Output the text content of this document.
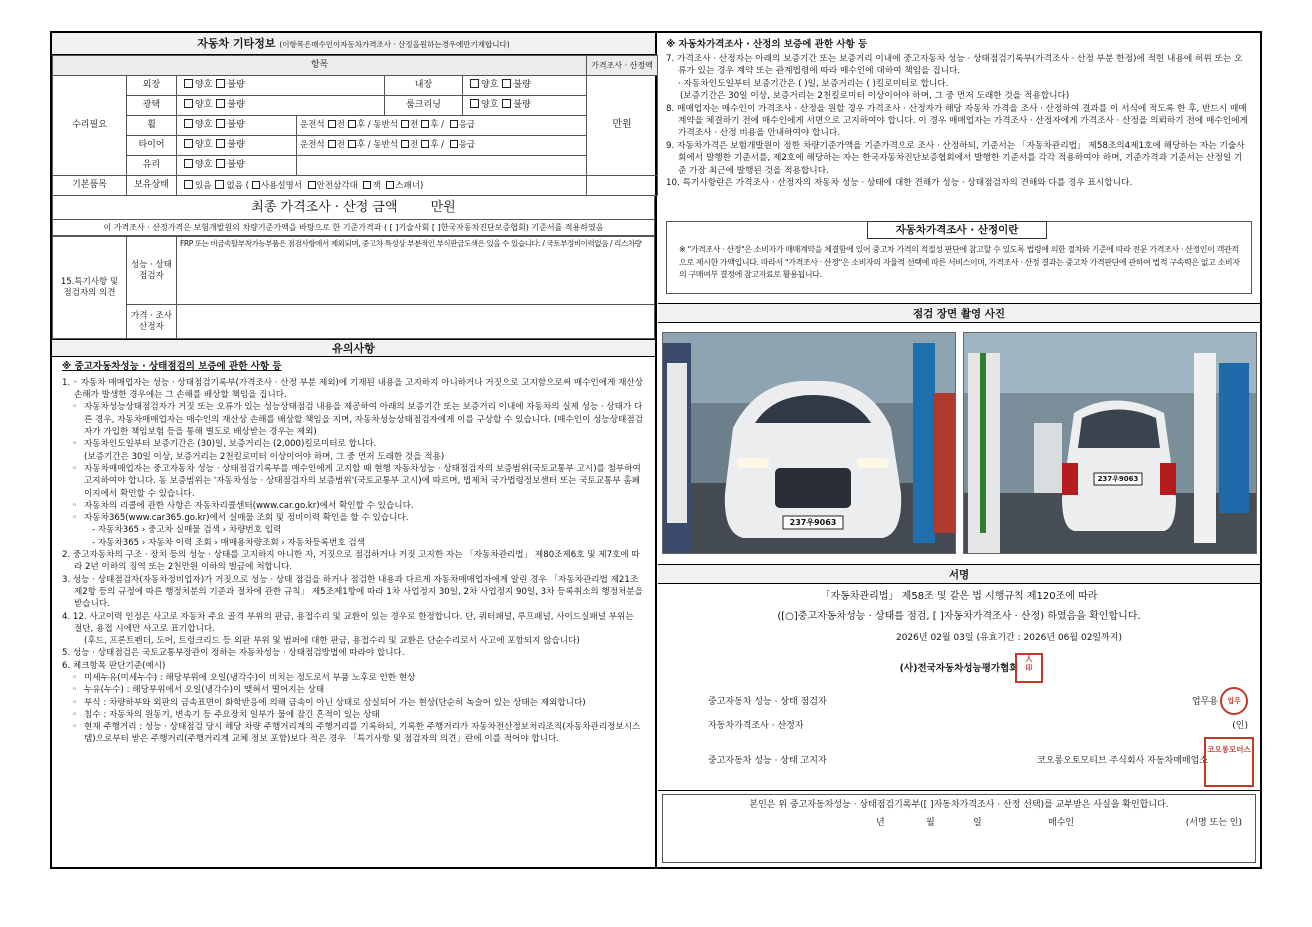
자동차 기타정보 (이항목은매수인이자동차가격조사 · 산정을원하는경우에만기재합니다)
항목						가격조사 · 산정액
수리필요	외장	양호 불량		내장	양호 불량	만원
	광택	양호 불량		룸크리닝	양호 불량	
	휠	양호 불량	운전석 전 후 / 동반석 전 후 / 응급			
	타이어	양호 불량	운전석 전 후 / 동반석 전 후 / 응급			
	유리	양호 불량				
기본품목	보유상태	있음 없음 ( 사용설명서 안전삼각대 잭 스패너)				
최종 가격조사 · 산정 금액	만원
이 가격조사 · 산정가격은 보험개발원의 차량기준가액을 바탕으로 한 기준가격과 ( [ ]기술사회 [ ]한국자동차진단보증협회) 기준서를 적용하였음
15.특기사항 및 점검자의 의견	성능 · 상태 점검자	FRP 또는 비금속탈부착가능부품은 점검사항에서 제외되며, 중고차 특성상 부분적인 부식판금도색은 있을 수 있습니다. / 국토부정비이력없음 / 리스차량
	가격 · 조사 산정자	
유의사항
※ 중고자동차성능 · 상태점검의 보증에 관한 사항 등
1. ◦ 자동차 매매업자는 성능 · 상태점검기록부(가격조사 · 산정 부분 제외)에 기재된 내용을 고지하지 아니하거나 거짓으로 고지함으로써 매수인에게 재산상 손해가 발생한 경우에는 그 손해를 배상할 책임을 집니다.
◦ 자동차성능상태점검자가 거짓 또는 오류가 있는 성능상태점검 내용을 제공하여 아래의 보증기간 또는 보증거리 이내에 자동차의 실제 성능 · 상태가 다른 경우, 자동차매매업자는 매수인의 재산상 손해를 배상할 책임을 지며, 자동차성능상태점검자에게 이를 구상할 수 있습니다. (매수인이 성능상태점검자가 가입한 책임보험 등을 통해 별도로 배상받는 경우는 제외)
◦ 자동차인도일부터 보증기간은 (30)일, 보증거리는 (2,000)킬로미터로 합니다.
(보증기간은 30일 이상, 보증거리는 2천킬로미터 이상이어야 하며, 그 중 먼저 도래한 것을 적용)
◦ 자동차매매업자는 중고자동차 성능 · 상태점검기록부를 매수인에게 고지할 때 현행 자동차성능 · 상태점검자의 보증범위(국토교통부 고시)를 첨부하여 고지하여야 합니다. 동 보증범위는 '자동차성능 · 상태점검자의 보증범위'(국토교통부 고시)에 따르며, 법제처 국가법령정보센터 또는 국토교통부 홈페이지에서 확인할 수 있습니다.
◦ 자동차의 리콜에 관한 사항은 자동차리콜센터(www.car.go.kr)에서 확인할 수 있습니다.
◦ 자동차365(www.car365.go.kr)에서 실매물 조회 및 정비이력 확인을 할 수 있습니다.
- 자동차365 › 중고차 실매물 검색 › 차량번호 입력
- 자동차365 › 자동차 이력 조회 › 매매용차량조회 › 자동차등록번호 검색
2. 중고자동차의 구조 · 장치 등의 성능 · 상태를 고지하지 아니한 자, 거짓으로 점검하거나 거짓 고지한 자는 「자동차관리법」 제80조제6호 및 제7호에 따라 2년 이하의 징역 또는 2천만원 이하의 벌금에 처합니다.
3. 성능 · 상태점검자(자동차정비업자)가 거짓으로 성능 · 상태 점검을 하거나 점검한 내용과 다르게 자동차매매업자에게 알린 경우 「자동차관리법 제21조제2항 등의 규정에 따른 행정처분의 기준과 절차에 관한 규칙」 제5조제1항에 따라 1차 사업정지 30일, 2차 사업정지 90일, 3차 등록취소의 행정처분을 받습니다.
4. 12. 사고이력 인정은 사고로 자동차 주요 골격 부위의 판금, 용접수리 및 교환이 있는 경우로 한정합니다. 단, 쿼터패널, 루프패널, 사이드실패널 부위는 절단, 용접 시에만 사고로 표기합니다.
(후드, 프론트펜더, 도어, 트렁크리드 등 외판 부위 및 범퍼에 대한 판금, 용접수리 및 교환은 단순수리로서 사고에 포함되지 않습니다)
5. 성능 · 상태점검은 국토교통부장관이 정하는 자동차성능 · 상태점검방법에 따라야 합니다.
6. 체크항목 판단기준(예시)
◦ 미세누유(미세누수) : 해당부위에 오일(냉각수)이 비치는 정도로서 부품 노후로 인한 현상
◦ 누유(누수) : 해당부위에서 오일(냉각수)이 맺혀서 떨어지는 상태
◦ 부식 : 차량하부와 외판의 금속표면이 화학반응에 의해 금속이 아닌 상태로 상실되어 가는 현상(단순히 녹슬어 있는 상태는 제외합니다)
◦ 침수 : 자동차의 원동기, 변속기 등 주요장치 일부가 물에 잠긴 흔적이 있는 상태
◦ 현재 주행거리 : 성능 · 상태점검 당시 해당 차량 주행거리계의 주행거리를 기록하되, 기록한 주행거리가 자동차전산정보처리조직(자동차관리정보시스템)으로부터 받은 주행거리(주행거리계 교체 정보 포함)보다 적은 경우 「특기사항 및 점검자의 의견」란에 이를 적어야 합니다.
※ 자동차가격조사 · 산정의 보증에 관한 사항 등
7. 가격조사 · 산정자는 아래의 보증기간 또는 보증거리 이내에 중고자동차 성능 · 상태점검기록부(가격조사 · 산정 부분 한정)에 적힌 내용에 허위 또는 오류가 있는 경우 계약 또는 관계법령에 따라 매수인에 대하여 책임을 집니다.
· 자동차인도일부터 보증기간은 ( )일, 보증거리는 ( )킬로미터로 합니다.
(보증기간은 30일 이상, 보증거리는 2천킬로미터 이상이어야 하며, 그 중 먼저 도래한 것을 적용합니다)
8. 매매업자는 매수인이 가격조사 · 산정을 원할 경우 가격조사 · 산정자가 해당 자동차 가격을 조사 · 산정하여 결과를 이 서식에 적도록 한 후, 반드시 매매계약을 체결하기 전에 매수인에게 서면으로 고지하여야 합니다. 이 경우 매매업자는 가격조사 · 산정자에게 가격조사 · 산정을 의뢰하기 전에 매수인에게 가격조사 · 산정 비용을 안내하여야 합니다.
9. 자동차가격은 보험개발원이 정한 차량기준가액을 기준가격으로 조사 · 산정하되, 기준서는 「자동차관리법」 제58조의4제1호에 해당하는 자는 기술사회에서 발행한 기준서를, 제2호에 해당하는 자는 한국자동차진단보증협회에서 발행한 기준서를 각각 적용하여야 하며, 기준가격과 기준서는 산정일 기준 가장 최근에 발행된 것을 적용합니다.
10. 특기사항란은 가격조사 · 산정자의 자동차 성능 · 상태에 대한 견해가 성능 · 상태점검자의 견해와 다를 경우 표시합니다.
자동차가격조사 · 산정이란
※ "가격조사 · 산정"은 소비자가 매매계약을 체결함에 있어 중고차 가격의 적절성 판단에 참고할 수 있도록 법령에 의한 절차와 기준에 따라 전문 가격조사 · 산정인이 객관적으로 제시한 가액입니다. 따라서 "가격조사 · 산정"은 소비자의 자율적 선택에 따른 서비스이며, 가격조사 · 산정 결과는 중고차 가격판단에 관하여 법적 구속력은 없고 소비자의 구매여부 결정에 참고자료로 활용됩니다.
점검 장면 촬영 사진
237우9063
237우9063
서명
「자동차관리법」 제58조 및 같은 법 시행규칙 제120조에 따라
([○]중고자동차성능 · 상태를 점검, [ ]자동차가격조사 · 산정) 하였음을 확인합니다.
2026년 02월 03일 (유효기간 : 2026년 06월 02일까지)
(사)전국자동차성능평가협회
人
印
중고자동차 성능 · 상태 점검자	업무용	업무
자동차가격조사 · 산정자	(인)
중고자동차 성능 · 상태 고지자	코오롱오토모티브 주식회사 자동차매매업소
코오롱모터스
본인은 위 중고자동차성능 · 상태점검기록부([ ]자동차가격조사 · 산정 선택)를 교부받은 사실을 확인합니다.
년	월	일	매수인	(서명 또는 인)
